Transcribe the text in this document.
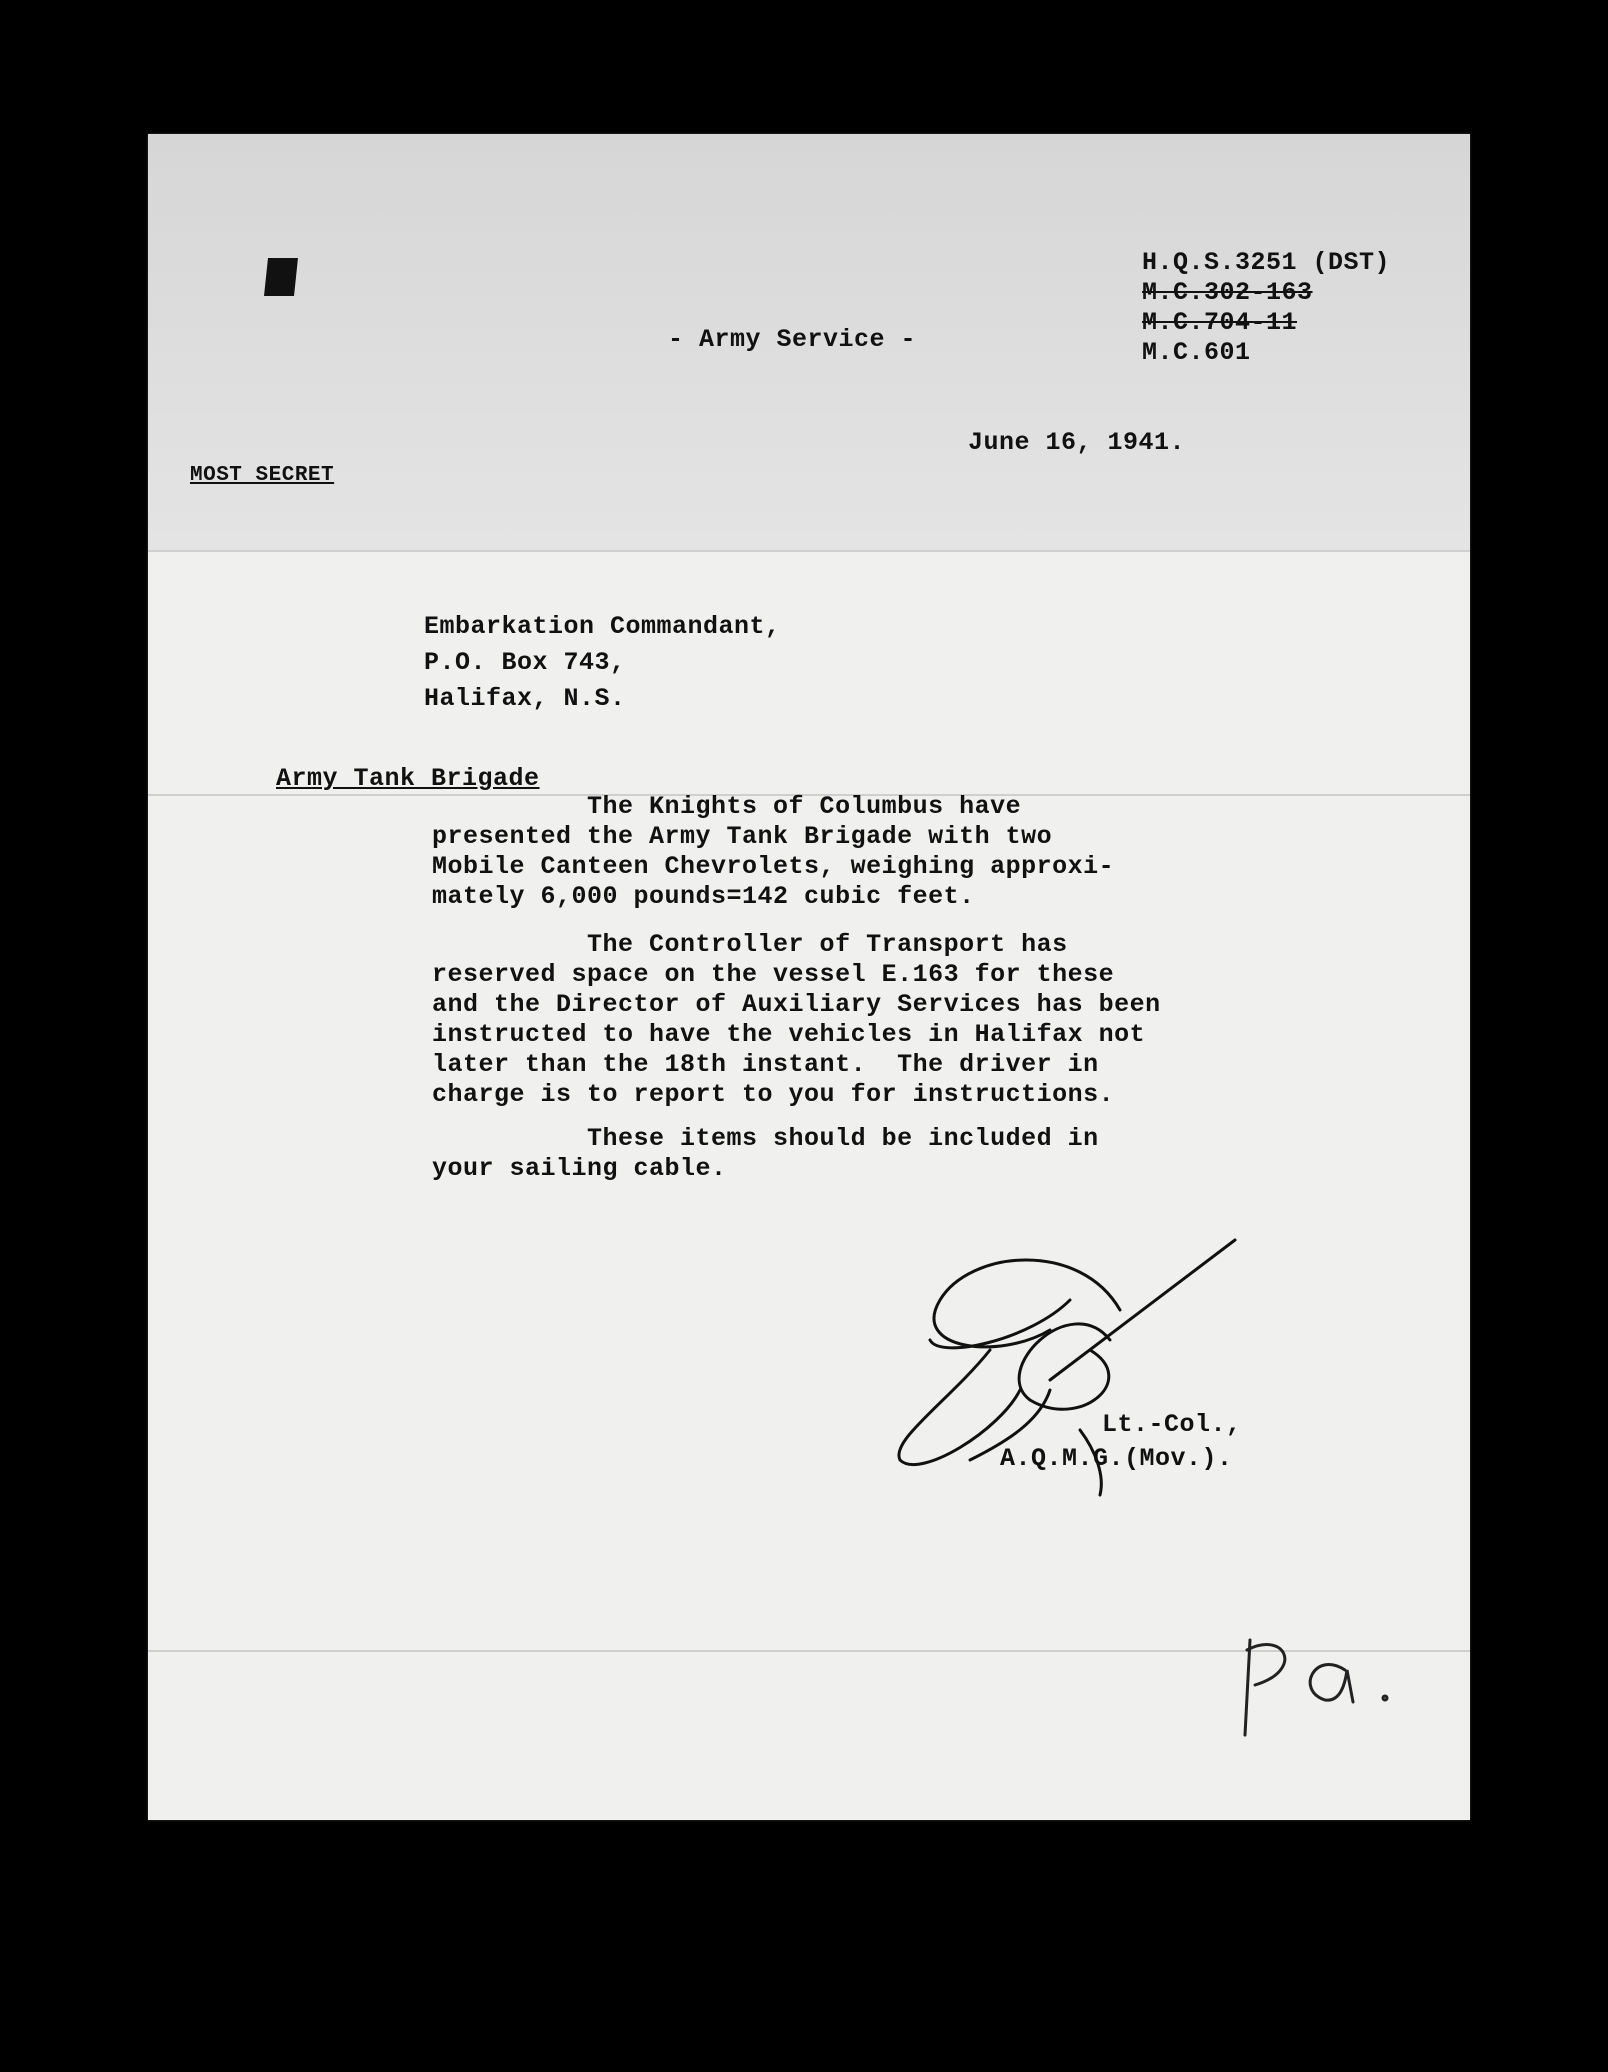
H.Q.S.3251 (DST)
M.C.302-163
M.C.704-11
M.C.601
- Army Service -
June 16, 1941.
MOST SECRET
Embarkation Commandant,
P.O. Box 743,
Halifax, N.S.
Army Tank Brigade
The Knights of Columbus have
presented the Army Tank Brigade with two
Mobile Canteen Chevrolets, weighing approxi-
mately 6,000 pounds=142 cubic feet.
The Controller of Transport has
reserved space on the vessel E.163 for these
and the Director of Auxiliary Services has been
instructed to have the vehicles in Halifax not
later than the 18th instant.  The driver in
charge is to report to you for instructions.
These items should be included in
your sailing cable.
Lt.-Col.,
A.Q.M.G.(Mov.).
